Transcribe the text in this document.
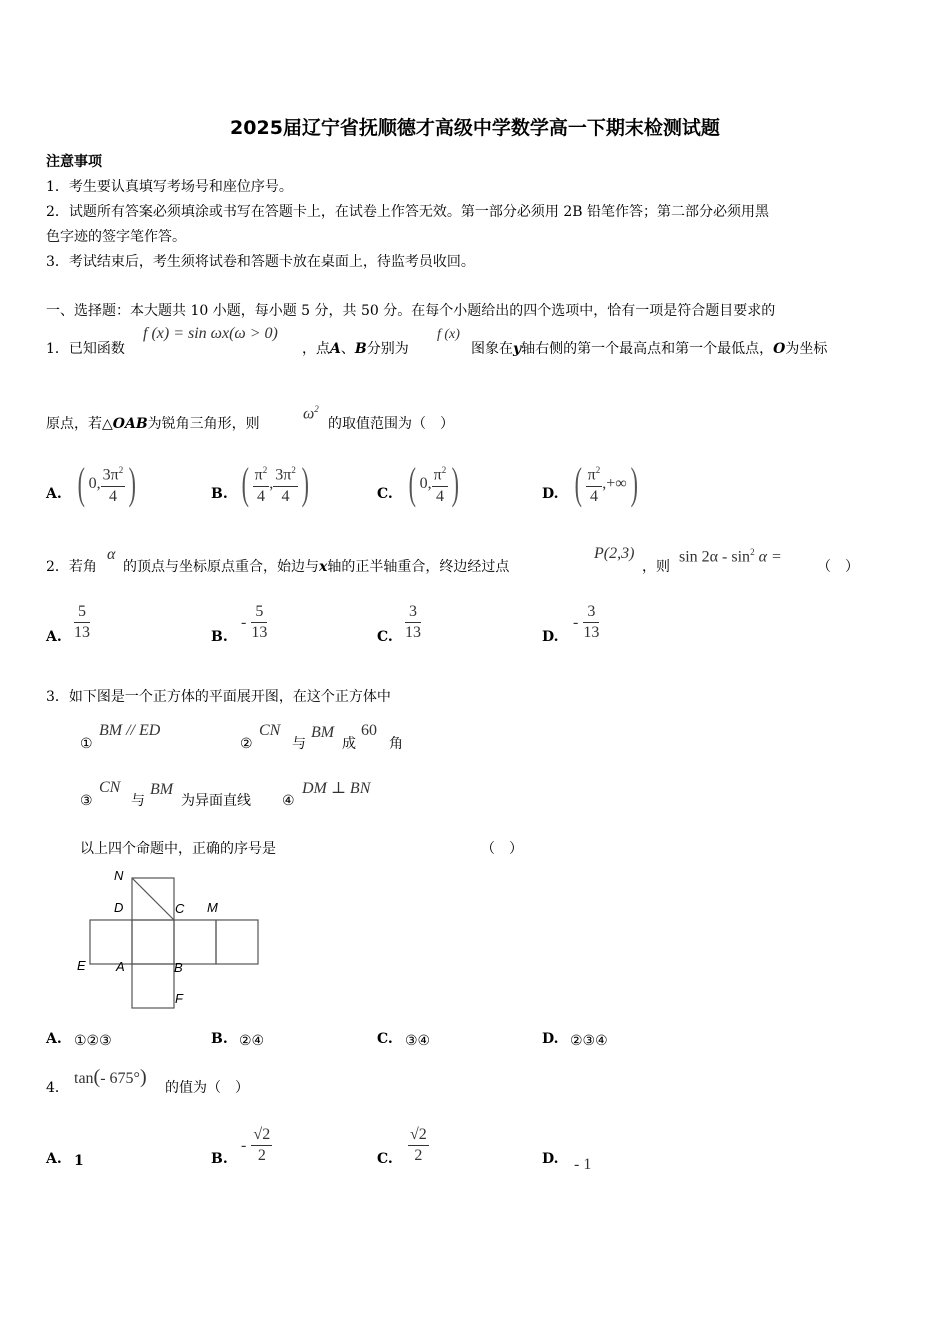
2025届辽宁省抚顺德才高级中学数学高一下期末检测试题
注意事项
1．考生要认真填写考场号和座位序号。
2．试题所有答案必须填涂或书写在答题卡上，在试卷上作答无效。第一部分必须用 2B 铅笔作答；第二部分必须用黑
色字迹的签字笔作答。
3．考试结束后，考生须将试卷和答题卡放在桌面上，待监考员收回。
一、选择题：本大题共 10 小题，每小题 5 分，共 50 分。在每个小题给出的四个选项中，恰有一项是符合题目要求的
1．已知函数
f (x) = sin ωx(ω > 0)
，点A、B分别为
f (x)
图象在y轴右侧的第一个最高点和第一个最低点，O为坐标
原点，若△OAB为锐角三角形，则
$\omega^2$
的取值范围为（　）
A. ( 0, $\frac{3\pi^2}{4}$ )	B. ( $\frac{\pi^2}{4}$ , $\frac{3\pi^2}{4}$ )	C. ( 0, $\frac{\pi^2}{4}$ )	D. ( $\frac{\pi^2}{4}$ ,+∞)
2．若角
α
的顶点与坐标原点重合，始边与x轴的正半轴重合，终边经过点
P(2,3)
，则
$\sin 2\alpha - \sin^2 \alpha$ =
（　）
A. $\frac{5}{13}$	B.
- $\frac{5}{13}$	C. $\frac{3}{13}$	D.
- $\frac{3}{13}$
3．如下图是一个正方体的平面展开图，在这个正方体中
①
BM // ED
②
CN
与
BM
成
60
角
③
CN
与
BM
为异面直线 ④
DM ⊥ BN
以上四个命题中，正确的序号是	（　）
N
D	C M
E A	B
F
A. ①②③	B. ②④	C. ③④	D. ②③④
4．
tan(- 675°) 的值为（　）
A. 1	B.
- $\frac{√2}{2}$	C. $\frac{√2}{2}$	D. - 1
